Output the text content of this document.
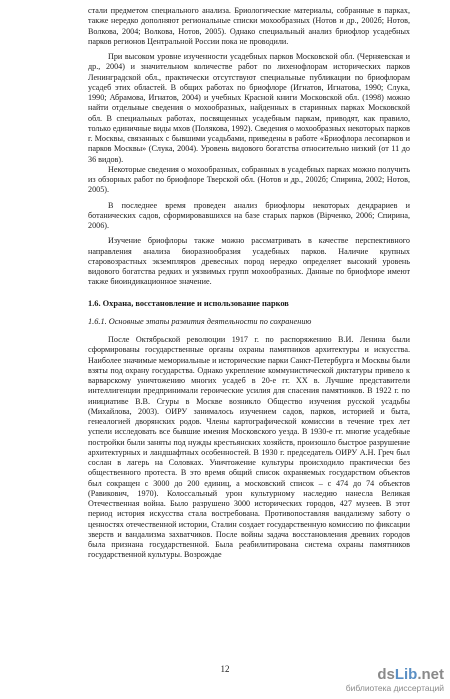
стали предметом специального анализа. Бриологические материалы, собранные в парках, также нередко дополняют региональные списки мохообразных (Нотов и др., 2002б; Нотов, Волкова, 2004; Волкова, Нотов, 2005). Однако специальный анализ бриофлор усадебных парков регионов Центральной России пока не проводили.

При высоком уровне изученности усадебных парков Московской обл. (Черняевская и др., 2004) и значительном количестве работ по лихенофлорам исторических парков Ленинградской обл., практически отсутствуют специальные публикации по бриофлорам усадеб этих областей. В общих работах по бриофлоре (Игнатов, Игнатова, 1990; Слука, 1990; Абрамова, Игнатов, 2004) и учебных Красной книги Московской обл. (1998) можно найти отдельные сведения о мохообразных, найденных в старинных парках Московской обл. В специальных работах, посвященных усадебным паркам, приводят, как правило, только единичные виды мхов (Полякова, 1992). Сведения о мохообразных некоторых парков г. Москвы, связанных с бывшими усадьбами, приведены в работе «Бриофлора лесопарков и парков Москвы» (Слука, 2004). Уровень видового богатства относительно низкий (от 11 до 36 видов).

Некоторые сведения о мохообразных, собранных в усадебных парках можно получить из обзорных работ по бриофлоре Тверской обл. (Нотов и др., 2002б; Спирина, 2002; Нотов, 2005).

В последнее время проведен анализ бриофлоры некоторых дендрариев и ботанических садов, сформировавшихся на базе старых парков (Вірченко, 2006; Спирина, 2006).

Изучение бриофлоры также можно рассматривать в качестве перспективного направления анализа биоразнообразия усадебных парков. Наличие крупных старовозрастных экземпляров древесных пород нередко определяет высокий уровень видового богатства редких и уязвимых групп мохообразных. Данные по бриофлоре имеют также биоиндикационное значение.

1.6. Охрана, восстановление и использование парков
1.6.1. Основные этапы развития деятельности по сохранению

После Октябрьской революции 1917 г. по распоряжению В.И. Ленина были сформированы государственные органы охраны памятников архитектуры и искусства. Наиболее значимые мемориальные и исторические парки Санкт-Петербурга и Москвы были взяты под охрану государства. Однако укрепление коммунистической диктатуры привело к варварскому уничтожению многих усадеб в 20-е гг. XX в. Лучшие представители интеллигенции предпринимали героические усилия для спасения памятников. В 1922 г. по инициативе В.В. Сгуры в Москве возникло Общество изучения русской усадьбы (Михайлова, 2003). ОИРУ занималось изучением садов, парков, историей и быта, генеалогией дворянских родов. Члены картографической комиссии в течение трех лет успели исследовать все бывшие имения Московского уезда. В 1930-е гг. многие усадебные постройки были заняты под нужды крестьянских хозяйств, произошло быстрое разрушение архитектурных и ландшафтных особенностей. В 1930 г. председатель ОИРУ А.Н. Греч был сослан в лагерь на Соловках. Уничтожение культуры происходило практически без общественного протеста. В это время общий список охраняемых государством объектов был сокращен с 3000 до 200 единиц, а московский список – с 474 до 74 объектов (Равикович, 1970). Колоссальный урон культурному наследию нанесла Великая Отечественная война. Было разрушено 3000 исторических городов, 427 музеев. В этот период история искусства стала востребована. Противопоставляя вандализму заботу о ценностях отечественной истории, Сталин создает государственную комиссию по фиксации зверств и вандализма захватчиков. После войны задача восстановления древних городов была признана государственной. Была реабилитирована система охраны памятников государственной культуры. Возрождае

12	dsLib.net
библиотека диссертаций
